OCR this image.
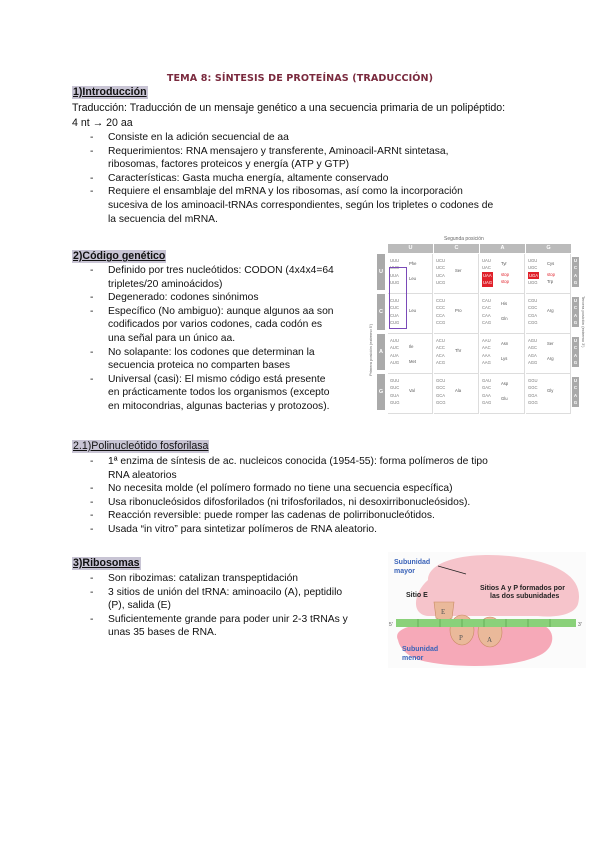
TEMA 8: SÍNTESIS DE PROTEÍNAS (TRADUCCIÓN)
1)Introducción
Traducción: Traducción de un mensaje genético a una secuencia primaria de un polipéptido:
4 nt → 20 aa
- Consiste en la adición secuencial de aa
- Requerimientos: RNA mensajero y transferente, Aminoacil-ARNt sintetasa,
ribosomas, factores proteicos y energía (ATP y GTP)
- Características: Gasta mucha energía, altamente conservado
- Requiere el ensamblaje del mRNA y los ribosomas, así como la incorporación
sucesiva de los aminoacil-tRNAs correspondientes, según los tripletes o codones de
la secuencia del mRNA.
2)Código genético
- Definido por tres nucleótidos: CODON (4x4x4=64
tripletes/20 aminoácidos)
- Degenerado: codones sinónimos
- Específico (No ambiguo): aunque algunos aa son
codificados por varios codones, cada codón es
una señal para un único aa.
- No solapante: los codones que determinan la
secuencia proteica no comparten bases
- Universal (casi): El mismo código está presente
en prácticamente todos los organismos (excepto
en mitocondrias, algunas bacterias y protozoos).
Segunda posición
Primera posición (extremo 5')
Tercera posición (extremo 3')
U
U
U
C
A
G
C
C
U
C
A
G
A
A
U
C
A
G
G
G
U
C
A
G
UUU
UUC
UUA
UUG
Phe
Leu
UCU
UCC
UCA
UCG
Ser
UAU
UAC
UAA
UAG
Tyr
stop
stop
UGU
UGC
UGA
UGG
Cys
stop
Trp
CUU
CUC
CUA
CUG
Leu
CCU
CCC
CCA
CCG
Pro
CAU
CAC
CAA
CAG
His
Gln
CGU
CGC
CGA
CGG
Arg
AUU
AUC
AUA
AUG
Ile
Met
ACU
ACC
ACA
ACG
Thr
AAU
AAC
AAA
AAG
Asn
Lys
AGU
AGC
AGA
AGG
Ser
Arg
GUU
GUC
GUA
GUG
Val
GCU
GCC
GCA
GCG
Ala
GAU
GAC
GAA
GAG
Asp
Glu
GGU
GGC
GGA
GGG
Gly
2.1)Polinucleótido fosforilasa
- 1ª enzima de síntesis de ac. nucleicos conocida (1954-55): forma polímeros de tipo
RNA aleatorios
- No necesita molde (el polímero formado no tiene una secuencia específica)
- Usa ribonucleósidos difosforilados (ni trifosforilados, ni desoxirribonucleósidos).
- Reacción reversible: puede romper las cadenas de polirribonucleótidos.
- Usada “in vitro” para sintetizar polímeros de RNA aleatorio.
3)Ribosomas
- Son ribozimas: catalizan transpeptidación
- 3 sitios de unión del tRNA: aminoacilo (A), peptidilo
(P), salida (E)
- Suficientemente grande para poder unir 2-3 tRNAs y
unas 35 bases de RNA.
Subunidad mayor
Sitios A y P formados por las dos subunidades
Sitio E
E
P	A
5'	3'
Subunidad menor
